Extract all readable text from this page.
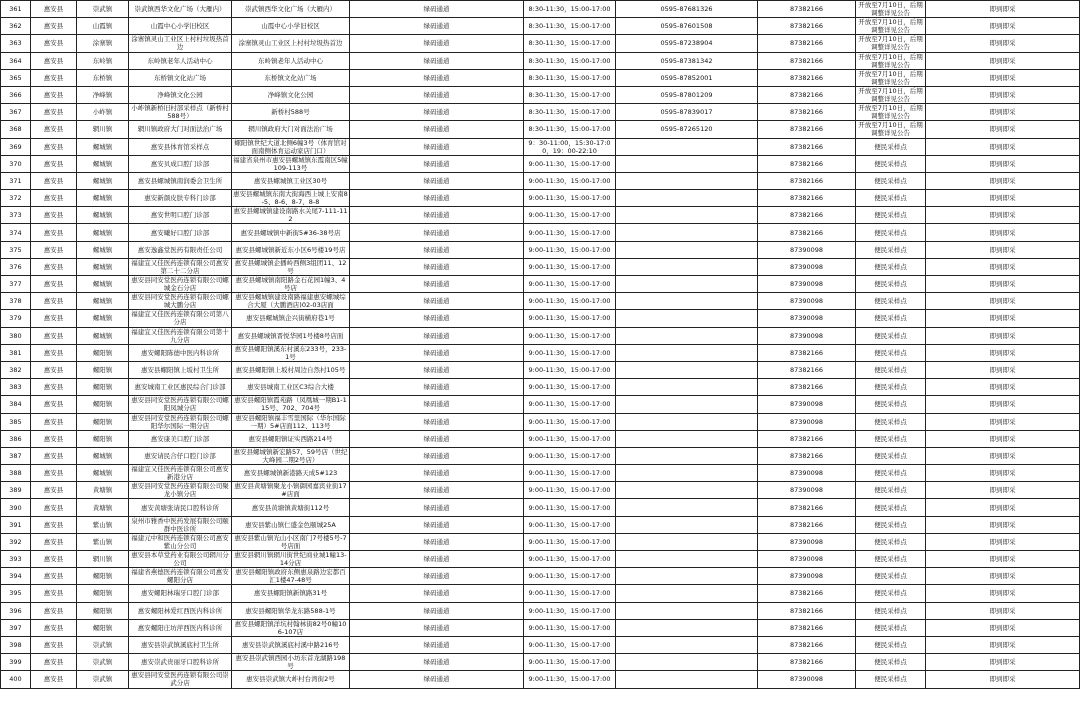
361	惠安县	崇武镇	崇武镇西华文化广场（大雁内）	崇武镇西华文化广场（大雁内）	绿码通道	8:30-11:30，15:00-17:00	0595-87681326	87382166	开放至7月10日，后期调整详见公告	即到即采
362	惠安县	山霞镇	山霞中心小学旧校区	山霞中心小学旧校区	绿码通道	8:30-11:30，15:00-17:00	0595-87601508	87382166	开放至7月10日，后期调整详见公告	即到即采
363	惠安县	涂寨镇	涂寨镇灵山工业区上村村垃圾热首边	涂寨镇灵山工业区上村村垃圾热首边	绿码通道	8:30-11:30，15:00-17:00	0595-87238904	87382166	开放至7月10日，后期调整详见公告	即到即采
364	惠安县	东岭镇	东岭镇老年人活动中心	东岭镇老年人活动中心	绿码通道	8:30-11:30，15:00-17:00	0595-87381342	87382166	开放至7月10日，后期调整详见公告	即到即采
365	惠安县	东桥镇	东桥镇文化站广场	东桥镇文化站广场	绿码通道	8:30-11:30，15:00-17:00	0595-87852001	87382166	开放至7月10日，后期调整详见公告	即到即采
366	惠安县	净峰镇	净峰镇文化公园	净峰镇文化公园	绿码通道	8:30-11:30，15:00-17:00	0595-87801209	87382166	开放至7月10日，后期调整详见公告	即到即采
367	惠安县	小岞镇	小岞镇新桥旧村部采样点（新桥村588号）	新桥村588号	绿码通道	8:30-11:30，15:00-17:00	0595-87839017	87382166	开放至7月10日，后期调整详见公告	即到即采
368	惠安县	辋川镇	辋川镇政府大门对面法治广场	辋川镇政府大门对面法治广场	绿码通道	8:30-11:30，15:00-17:00	0595-87265120	87382166	开放至7月10日，后期调整详见公告	即到即采
369	惠安县	螺城镇	惠安县体育馆采样点	螺阳镇世纪大道北侧6幢3号（体育馆对面南侧体育运动家店门口）	绿码通道	9：30-11:00，15:30-17:00，19：00-22:10		87382166	便民采样点	即到即采
370	惠安县	螺城镇	惠安贝成口腔门诊部	福建省泉州市惠安县螺城镇东霞南区5幢109-113号	绿码通道	9:00-11:30，15:00-17:00		87382166	便民采样点	即到即采
371	惠安县	螺城镇	惠安县螺城镇南润委会卫生所	惠安县螺城镇工业区30号	绿码通道	9:00-11:30，15:00-17:00		87382166	便民采样点	即到即采
372	惠安县	螺城镇	惠安新颜皮肤专科门诊部	惠安县螺城镇东南大街海西上城上安南8-5、8-6、8-7、8-8	绿码通道	9:00-11:30，15:00-17:00		87382166	便民采样点	即到即采
373	惠安县	螺城镇	惠安世明口腔门诊部	惠安县螺城镇建设南路水关尾7-111-112	绿码通道	9:00-11:30，15:00-17:00		87382166	便民采样点	即到即采
374	惠安县	螺城镇	惠安曦好口腔门诊部	惠安县螺城镇中新街5#36-38号店	绿码通道	9:00-11:30，15:00-17:00		87382166	便民采样点	即到即采
375	惠安县	螺城镇	惠安逸鑫堂医药有限责任公司	惠安县螺城镇新近东小区6号楼19号店	绿码通道	9:00-11:30，15:00-17:00		87390098	便民采样点	即到即采
376	惠安县	螺城镇	福建宜又佳医药连锁有限公司惠安第二十二分店	惠安县螺城镇企播岭西侧3组团11、12号	绿码通道	9:00-11:30，15:00-17:00		87390098	便民采样点	即到即采
377	惠安县	螺城镇	惠安县同安堂医药连锁有限公司螺城金石分店	惠安县螺城镇南阳路金石花园1幢3、4号店	绿码通道	9:00-11:30，15:00-17:00		87390098	便民采样点	即到即采
378	惠安县	螺城镇	惠安县同安堂医药连锁有限公司螺城大鹏分店	惠安县螺城镇建设南路福建惠安螺城综合大厦（大鹏酒店)02-03店面	绿码通道	9:00-11:30，15:00-17:00		87390098	便民采样点	即到即采
379	惠安县	螺城镇	福建宜又佳医药连锁有限公司第八分店	惠安县螺城镇企兴街横府巷1号	绿码通道	9:00-11:30，15:00-17:00		87390098	便民采样点	即到即采
380	惠安县	螺城镇	福建宜又佳医药连锁有限公司第十九分店	惠安县螺城镇晋悦华园1号楼8号店面	绿码通道	9:00-11:30，15:00-17:00		87390098	便民采样点	即到即采
381	惠安县	螺阳镇	惠安螺阳陈德中医内科诊所	惠安县螺阳镇溪东村溪东233号，233-1号	绿码通道	9:00-11:30，15:00-17:00		87382166	便民采样点	即到即采
382	惠安县	螺阳镇	惠安县螺阳镇上坂村卫生所	惠安县螺阳镇上坂村周边自然村105号	绿码通道	9:00-11:30，15:00-17:00		87382166	便民采样点	即到即采
383	惠安县	螺阳镇	惠安城南工业区惠民综合门诊部	惠安县城南工业区C3综合大楼	绿码通道	9:00-11:30，15:00-17:00		87382166	便民采样点	即到即采
384	惠安县	螺阳镇	惠安县同安堂医药连锁有限公司螺阳凤城分店	惠安县螺阳镇霞苑路（凤凰城一期B1-115号、702、704号	绿码通道	9:00-11:30，15:00-17:00		87390098	便民采样点	即到即采
385	惠安县	螺阳镇	惠安县同安堂医药连锁有限公司螺阳华尔国际一期分店	惠安县螺阳镇福丰雪里国际（华尔国际一期）5#店面112、113号	绿码通道	9:00-11:30，15:00-17:00		87390098	便民采样点	即到即采
386	惠安县	螺阳镇	惠安康美口腔门诊部	惠安县螺阳镇证实西路214号	绿码通道	9:00-11:30，15:00-17:00		87382166	便民采样点	即到即采
387	惠安县	螺城镇	惠安请民合仔口腔门诊部	惠安县螺城镇新宏路57、59号店（世纪大峰园二期2号店）	绿码通道	9:00-11:30，15:00-17:00		87382166	便民采样点	即到即采
388	惠安县	螺城镇	福建宜又佳医药连锁有限公司惠安新港分店	惠安县螺城镇新港路天成5#123	绿码通道	9:00-11:30，15:00-17:00		87390098	便民采样点	即到即采
389	惠安县	黄塘镇	惠安县同安堂医药连锁有限公司聚龙小镇分店	惠安县黄塘镇聚龙小镇御园嘉宾业街17#店面	绿码通道	9:00-11:30，15:00-17:00		87390098	便民采样点	即到即采
390	惠安县	黄塘镇	惠安黄塘张请民口腔科诊所	惠安县黄塘镇黄塘街112号	绿码通道	9:00-11:30，15:00-17:00		87382166	便民采样点	即到即采
391	惠安县	紫山镇	泉州市雅香中医药发展有限公司颐群中医诊所	惠安县紫山镇仁盛金色颐城25A	绿码通道	9:00-11:30，15:00-17:00		87382166	便民采样点	即到即采
392	惠安县	紫山镇	福建元中和医药连锁有限公司惠安紫山分公司	惠安县紫山镇光山小区南门7号楼5号-7号店面	绿码通道	9:00-11:30，15:00-17:00		87390098	便民采样点	即到即采
393	惠安县	辋川镇	惠安县本草堂药业有限公司辋川分公司	惠安县辋川镇辋川街世纪商业城1幢13-14分店	绿码通道	9:00-11:30，15:00-17:00		87390098	便民采样点	即到即采
394	惠安县	螺阳镇	福建省燕德医药连锁有限公司惠安螺阳分店	惠安县螺阳镇政府东侧惠泉路边宏都百汇1楼47-48号	绿码通道	9:00-11:30，15:00-17:00		87390098	便民采样点	即到即采
395	惠安县	螺阳镇	惠安螺阳林瑞牙口腔门诊部	惠安县螺阳镇新镇路31号	绿码通道	9:00-11:30，15:00-17:00		87382166	便民采样点	即到即采
396	惠安县	螺阳镇	惠安螺阳林爱红西医内科诊所	惠安县螺阳镇华龙东路588-1号	绿码通道	9:00-11:30，15:00-17:00		87382166	便民采样点	即到即采
397	惠安县	螺阳镇	惠安螺阳庄坊萍西医内科诊所	惠安县螺阳镇洋坑村翰林街82号0幢106-107店	绿码通道	9:00-11:30，15:00-17:00		87382166	便民采样点	即到即采
398	惠安县	崇武镇	惠安县崇武镇溪底村卫生所	惠安县崇武镇溪底村溪中路216号	绿码通道	9:00-11:30，15:00-17:00		87382166	便民采样点	即到即采
399	惠安县	崇武镇	惠安崇武贵丽牙口腔科诊所	惠安县崇武镇西园小坊东首龙湖路198号	绿码通道	9:00-11:30，15:00-17:00		87382166	便民采样点	即到即采
400	惠安县	崇武镇	惠安县同安堂医药连锁有限公司崇武分店	惠安县崇武镇大岞村台湾街2号	绿码通道	9:00-11:30，15:00-17:00		87390098	便民采样点	即到即采
